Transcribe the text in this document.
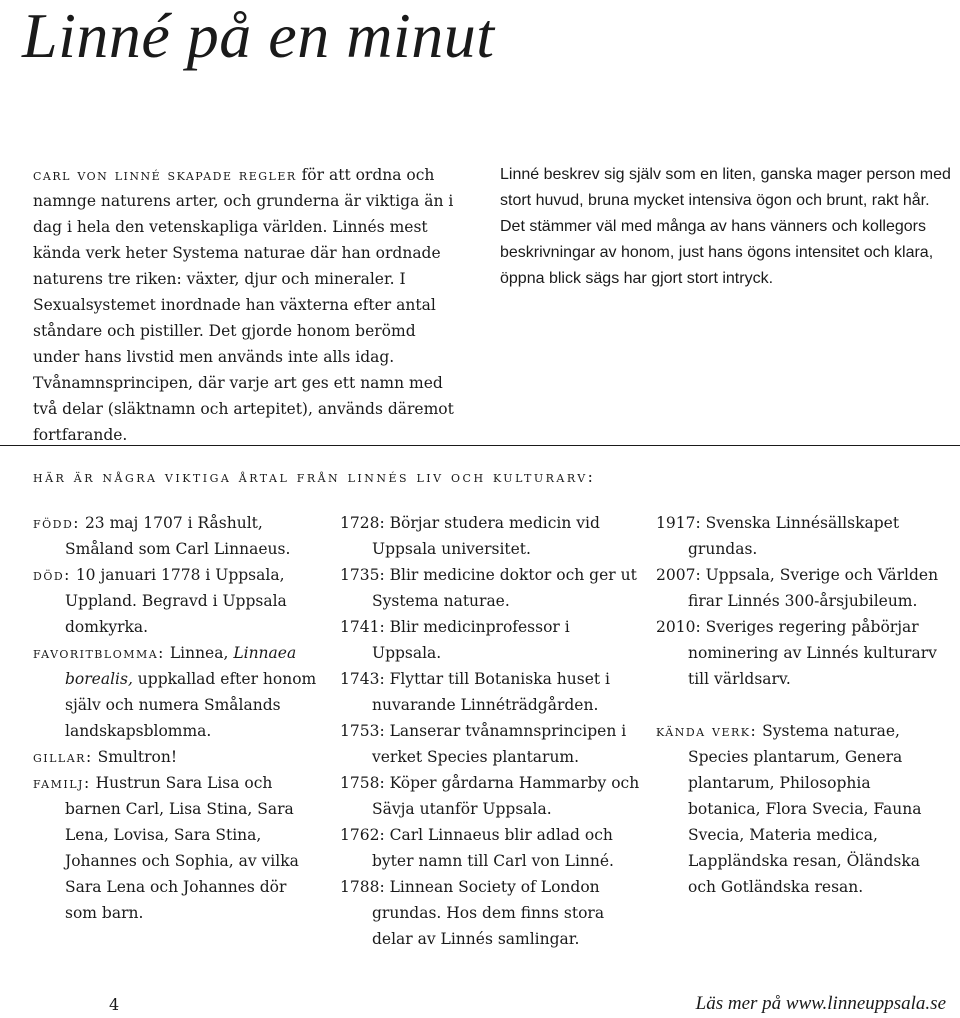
Linné på en minut

carl von linné skapade regler för att ordna och namnge naturens arter, och grunderna är viktiga än i dag i hela den vetenskapliga världen. Linnés mest kända verk heter Systema naturae där han ordnade naturens tre riken: växter, djur och mineraler. I Sexualsystemet inordnade han växterna efter antal ståndare och pistiller. Det gjorde honom berömd under hans livstid men används inte alls idag. Tvånamnsprincipen, där varje art ges ett namn med två delar (släktnamn och artepitet), används däremot fortfarande.

Linné beskrev sig själv som en liten, ganska mager person med stort huvud, bruna mycket intensiva ögon och brunt, rakt hår. Det stämmer väl med många av hans vänners och kollegors beskrivningar av honom, just hans ögons intensitet och klara, öppna blick sägs har gjort stort intryck.

här är några viktiga årtal från linnés liv och kulturarv:

född: 23 maj 1707 i Råshult, Småland som Carl Linnaeus.

död: 10 januari 1778 i Uppsala, Uppland. Begravd i Uppsala domkyrka.

favoritblomma: Linnea, Linnaea borealis, uppkallad efter honom själv och numera Smålands landskapsblomma.

gillar: Smultron!

familj: Hustrun Sara Lisa och barnen Carl, Lisa Stina, Sara Lena, Lovisa, Sara Stina, Johannes och Sophia, av vilka Sara Lena och Johannes dör som barn.

1728: Börjar studera medicin vid Uppsala universitet.

1735: Blir medicine doktor och ger ut Systema naturae.

1741: Blir medicinprofessor i Uppsala.

1743: Flyttar till Botaniska huset i nuvarande Linnéträdgården.

1753: Lanserar tvånamnsprincipen i verket Species plantarum.

1758: Köper gårdarna Hammarby och Sävja utanför Uppsala.

1762: Carl Linnaeus blir adlad och byter namn till Carl von Linné.

1788: Linnean Society of London grundas. Hos dem finns stora delar av Linnés samlingar.

1917: Svenska Linnésällskapet grundas.

2007: Uppsala, Sverige och Världen firar Linnés 300-årsjubileum.

2010: Sveriges regering påbörjar nominering av Linnés kulturarv till världsarv.

kända verk: Systema naturae, Species plantarum, Genera plantarum, Philosophia botanica, Flora Svecia, Fauna Svecia, Materia medica, Lappländska resan, Öländska och Gotländska resan.

4	Läs mer på www.linneuppsala.se
